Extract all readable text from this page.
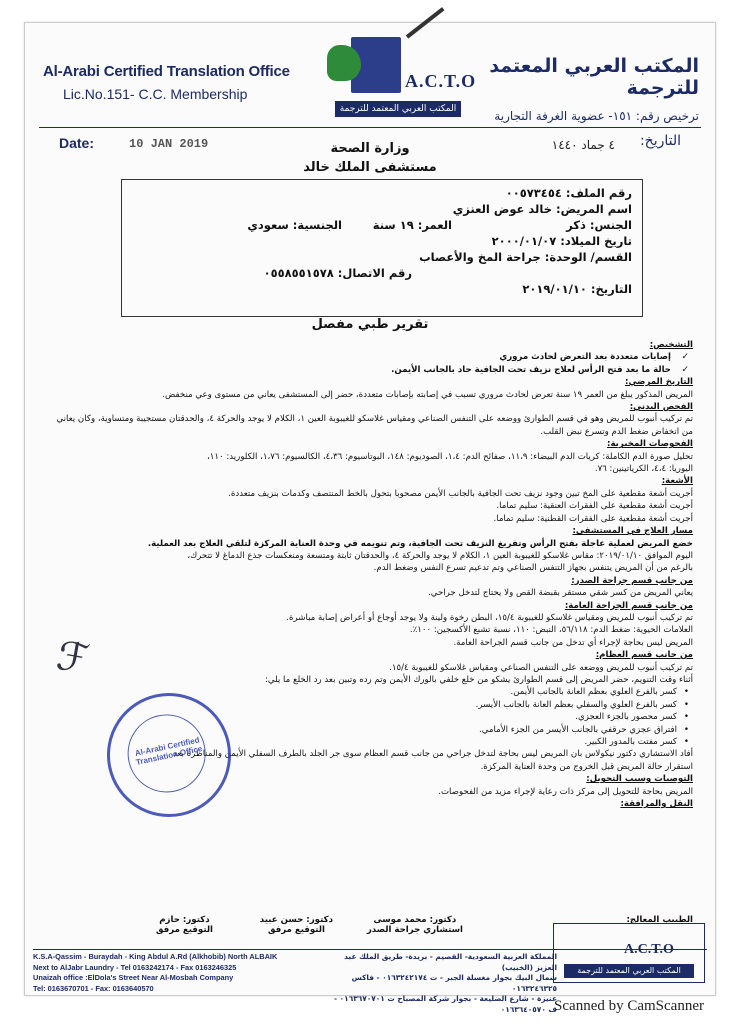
Al-Arabi Certified Translation Office
Lic.No.151- C.C. Membership
A.C.T.O
المكتب العربي المعتمد للترجمة
المكتب العربي المعتمد للترجمة
ترخيص رقم: ١٥١- عضوية الغرفة التجارية
Date:	10 JAN 2019	التاريخ:
٤ جماد ١٤٤٠
وزارة الصحة
مستشفى الملك خالد
رقم الملف: ٠٠٥٧٣٤٥٤
اسم المريض: خالد عوض العنزي
الجنس: ذكر
العمر: ١٩ سنة
الجنسية: سعودي
تاريخ الميلاد: ٢٠٠٠/٠١/٠٧
القسم/ الوحدة: جراحة المخ والأعصاب
رقم الاتصال: ٠٥٥٨٥٥١٥٧٨
التاريخ: ٢٠١٩/٠١/١٠
تقرير طبي مفصل
التشخيص:
✓ إصابات متعددة بعد التعرض لحادث مروري
✓ حالة ما بعد فتح الرأس لعلاج نزيف تحت الجافية حاد بالجانب الأيمن.
التاريخ المرضي:
المريض المذكور يبلغ من العمر ١٩ سنة تعرض لحادث مروري تسبب في إصابته بإصابات متعددة، حضر إلى المستشفى يعاني من مستوى وعي منخفض.
الفحص البدني:
تم تركيب أنبوب للمريض وهو في قسم الطوارئ ووضعه على التنفس الصناعي ومقياس غلاسكو للغيبوبة العين ١، الكلام لا يوجد والحركة ٤، والحدقتان مستجيبة ومتساوية، وكان يعاني من انخفاض ضغط الدم وتسرع نبض القلب.
الفحوصات المخبرية:
تحليل صورة الدم الكاملة: كريات الدم البيضاء: ١١،٩، صفائح الدم: ١،٤، الصوديوم: ١٤٨، البوتاسيوم: ٤،٣٦، الكالسيوم: ١،٧٦، الكلوريد: ١١٠،
اليوريا: ٤،٤، الكرياتينين: ٧٦.
الأشعة:
أجريت أشعة مقطعية على المخ تبين وجود نزيف تحت الجافية بالجانب الأيمن مصحوبا بتحول بالخط المنتصف وكدمات بنزيف متعددة.
أجريت أشعة مقطعية على الفقرات العنقية: سليم تماما.
أجريت أشعة مقطعية على الفقرات القطنية: سليم تماما.
مسار العلاج في المستشفى:
خضع المريض لعملية عاجلة بفتح الرأس وتفريغ النزيف تحت الجافية، وتم تنويمه في وحدة العناية المركزة لتلقي العلاج بعد العملية.
اليوم الموافق ٢٠١٩/٠١/١٠: مقاس غلاسكو للغيبوبة العين ١، الكلام لا يوجد والحركة ٤، والحدقتان ثابتة ومتسعة ومنعكسات جذع الدماغ لا تتحرك،
بالرغم من أن المريض يتنفس بجهاز التنفس الصناعي وتم تدعيم تسرع النفس وضغط الدم.
من جانب قسم جراحة الصدر:
يعاني المريض من كسر شقي مستقر بقبضة القص ولا يحتاج لتدخل جراحي.
من جانب قسم الجراحة العامة:
تم تركيب أنبوب للمريض ومقياس غلاسكو للغيبوبة ١٥/٤، البطن رخوة ولينة ولا يوجد أوجاع أو أعراض إصابة مباشرة.
العلامات الحيوية: ضغط الدم: ٥٦/١١٨، النبض: ١١٠، نسبة تشبع الأكسجين: ١٠٠٪.
المريض ليس بحاجة لإجراء أي تدخل من جانب قسم الجراحة العامة.
من جانب قسم العظام:
تم تركيب أنبوب للمريض ووضعه على التنفس الصناعي ومقياس غلاسكو للغيبوبة ١٥/٤.
أثناء وقت التنويم، حضر المريض إلى قسم الطوارئ يشكو من خلع خلفي بالورك الأيمن وتم رده وتبين بعد رد الخلع ما يلي:
• كسر بالفرع العلوي بعظم العانة بالجانب الأيمن.
• كسر بالفرع العلوي والسفلي بعظم العانة بالجانب الأيسر.
• كسر محصور بالجزء العجزي.
• افتراق عجزي حرقفي بالجانب الأيسر من الجزء الأمامي.
• كسر مفتت بالمدور الكبير.
أفاد الاستشاري دكتور نيكولاس بان المريض ليس بحاجة لتدخل جراحي من جانب قسم العظام سوى جر الجلد بالطرف السفلي الأيمن والمناظرة بعد
استقرار حالة المريض قبل الخروج من وحدة العناية المركزة.
التوصيات وسبب التحويل:
المريض بحاجة للتحويل إلى مركز ذات رعاية لإجراء مزيد من الفحوصات.
النقل والمرافقة:
دكتور: محمد موسى
استشاري جراحة الصدر
دكتور: حسن عبيد
التوقيع مرفق
دكتور: حازم
التوقيع مرفق
الطبيب المعالج:
Al-Arabi Certified Translation Office
ℱ
K.S.A-Qassim - Buraydah - King Abdul A.Rd (Alkhobib) North ALBAIK
Next to AlJabr Laundry - Tel 0163242174 - Fax 0163246325
Unaizah office :ElDola's Street Near Al-Mosbah Company
Tel: 0163670701 - Fax: 0163640570
المملكة العربية السعودية- القصيم - بريدة- طريق الملك عبد العزيز (الخبيب)
شمال البيك بجوار مغسلة الجبر - ت ٠١٦٣٢٤٢١٧٤ - فاكس ٠١٦٣٢٤٦٣٢٥
عنيزة - شارع الضليعة - بجوار شركة المصباح ت ٠١٦٣٦٧٠٧٠١ - ف ٠١٦٣٦٤٠٥٧٠
A.C.T.O
المكتب العربي المعتمد للترجمة
Scanned by CamScanner
